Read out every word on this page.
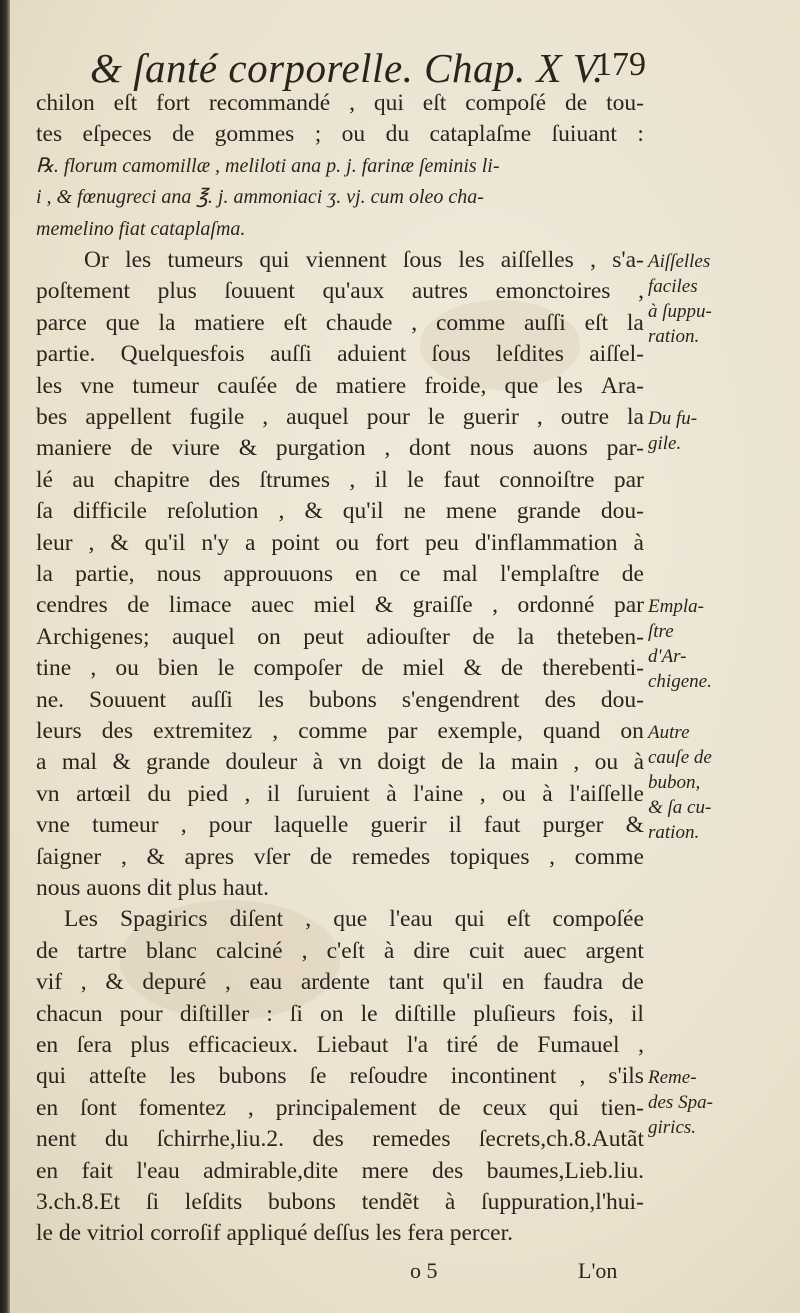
& ſanté corporelle. Chap. X V.
179
chilon eſt fort recommandé , qui eſt compoſé de tou-
tes eſpeces de gommes ; ou du cataplaſme ſuiuant :
℞. florum camomillæ , meliloti ana p. j. farinæ ſeminis li-
i , & fœnugreci ana ℥. j. ammoniaci ʒ. vj. cum oleo cha-
memelino fiat cataplaſma.
Or les tumeurs qui viennent ſous les aiſſelles , s'a-
poſtement plus ſouuent qu'aux autres emonctoires ,
parce que la matiere eſt chaude , comme auſſi eſt la
partie. Quelquesfois auſſi aduient ſous leſdites aiſſel-
les vne tumeur cauſée de matiere froide, que les Ara-
bes appellent fugile , auquel pour le guerir , outre la
maniere de viure & purgation , dont nous auons par-
lé au chapitre des ſtrumes , il le faut connoiſtre par
ſa difficile reſolution , & qu'il ne mene grande dou-
leur , & qu'il n'y a point ou fort peu d'inflammation à
la partie, nous approuuons en ce mal l'emplaſtre de
cendres de limace auec miel & graiſſe , ordonné par
Archigenes; auquel on peut adiouſter de la theteben-
tine , ou bien le compoſer de miel & de therebenti-
ne. Souuent auſſi les bubons s'engendrent des dou-
leurs des extremitez , comme par exemple, quand on
a mal & grande douleur à vn doigt de la main , ou à
vn artœil du pied , il ſuruient à l'aine , ou à l'aiſſelle
vne tumeur , pour laquelle guerir il faut purger &
ſaigner , & apres vſer de remedes topiques , comme
nous auons dit plus haut.
Les Spagirics diſent , que l'eau qui eſt compoſée
de tartre blanc calciné , c'eſt à dire cuit auec argent
vif , & depuré , eau ardente tant qu'il en faudra de
chacun pour diſtiller : ſi on le diſtille pluſieurs fois, il
en ſera plus efficacieux. Liebaut l'a tiré de Fumauel ,
qui atteſte les bubons ſe reſoudre incontinent , s'ils
en ſont fomentez , principalement de ceux qui tien-
nent du ſchirrhe,liu.2. des remedes ſecrets,ch.8.Autãt
en fait l'eau admirable,dite mere des baumes,Lieb.liu.
3.ch.8.Et ſi leſdits bubons tendẽt à ſuppuration,l'hui-
le de vitriol corroſif appliqué deſſus les fera percer.
Aiſſelles
faciles
à ſuppu-
ration.
Du fu-
gile.
Empla-
ſtre
d'Ar-
chigene.
Autre
cauſe de
bubon,
& ſa cu-
ration.
Reme-
des Spa-
girics.
o 5	L'on
